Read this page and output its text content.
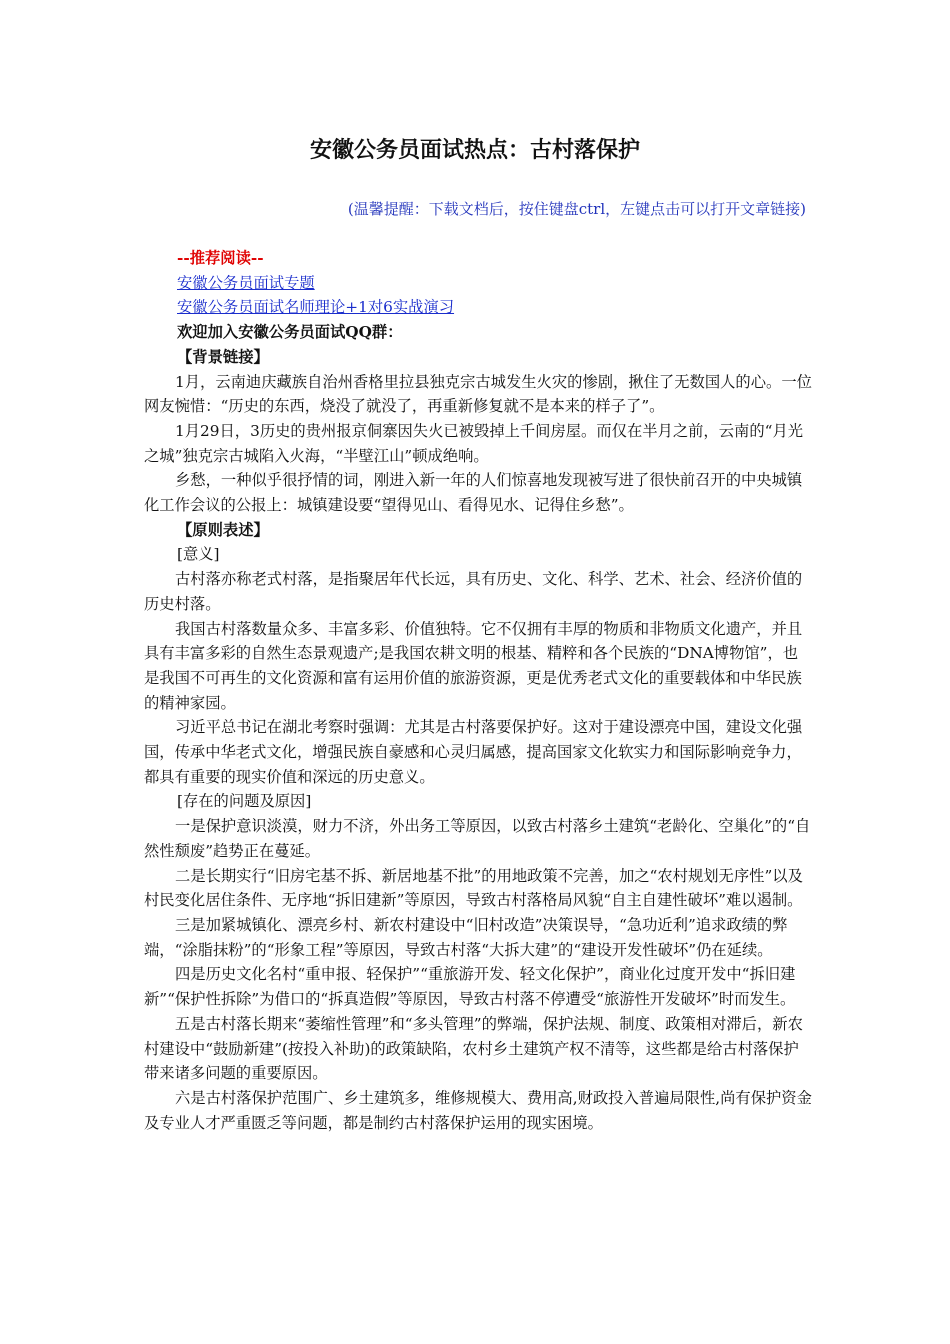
安徽公务员面试热点：古村落保护
(温馨提醒：下载文档后，按住键盘ctrl，左键点击可以打开文章链接)

--推荐阅读--

安徽公务员面试专题

安徽公务员面试名师理论+1对6实战演习

欢迎加入安徽公务员面试QQ群：

【背景链接】

1月，云南迪庆藏族自治州香格里拉县独克宗古城发生火灾的惨剧，揪住了无数国人的心。一位网友惋惜：“历史的东西，烧没了就没了，再重新修复就不是本来的样子了”。

1月29日，3历史的贵州报京侗寨因失火已被毁掉上千间房屋。而仅在半月之前，云南的“月光之城”独克宗古城陷入火海，“半壁江山”顿成绝响。

乡愁，一种似乎很抒情的词，刚进入新一年的人们惊喜地发现被写进了很快前召开的中央城镇化工作会议的公报上：城镇建设要“望得见山、看得见水、记得住乡愁”。

【原则表述】

[意义]

古村落亦称老式村落，是指聚居年代长远，具有历史、文化、科学、艺术、社会、经济价值的历史村落。

我国古村落数量众多、丰富多彩、价值独特。它不仅拥有丰厚的物质和非物质文化遗产，并且具有丰富多彩的自然生态景观遗产;是我国农耕文明的根基、精粹和各个民族的“DNA博物馆”，也是我国不可再生的文化资源和富有运用价值的旅游资源，更是优秀老式文化的重要载体和中华民族的精神家园。

习近平总书记在湖北考察时强调：尤其是古村落要保护好。这对于建设漂亮中国，建设文化强国，传承中华老式文化，增强民族自豪感和心灵归属感，提高国家文化软实力和国际影响竞争力，都具有重要的现实价值和深远的历史意义。

[存在的问题及原因]

一是保护意识淡漠，财力不济，外出务工等原因，以致古村落乡土建筑“老龄化、空巢化”的“自然性颓废”趋势正在蔓延。

二是长期实行“旧房宅基不拆、新居地基不批”的用地政策不完善，加之“农村规划无序性”以及村民变化居住条件、无序地“拆旧建新”等原因，导致古村落格局风貌“自主自建性破坏”难以遏制。

三是加紧城镇化、漂亮乡村、新农村建设中“旧村改造”决策误导，“急功近利”追求政绩的弊端，“涂脂抹粉”的“形象工程”等原因，导致古村落“大拆大建”的“建设开发性破坏”仍在延续。

四是历史文化名村“重申报、轻保护”“重旅游开发、轻文化保护”，商业化过度开发中“拆旧建新”“保护性拆除”为借口的“拆真造假”等原因，导致古村落不停遭受“旅游性开发破坏”时而发生。

五是古村落长期来“萎缩性管理”和“多头管理”的弊端，保护法规、制度、政策相对滞后，新农村建设中“鼓励新建”(按投入补助)的政策缺陷，农村乡土建筑产权不清等，这些都是给古村落保护带来诸多问题的重要原因。

六是古村落保护范围广、乡土建筑多，维修规模大、费用高,财政投入普遍局限性,尚有保护资金及专业人才严重匮乏等问题，都是制约古村落保护运用的现实困境。
